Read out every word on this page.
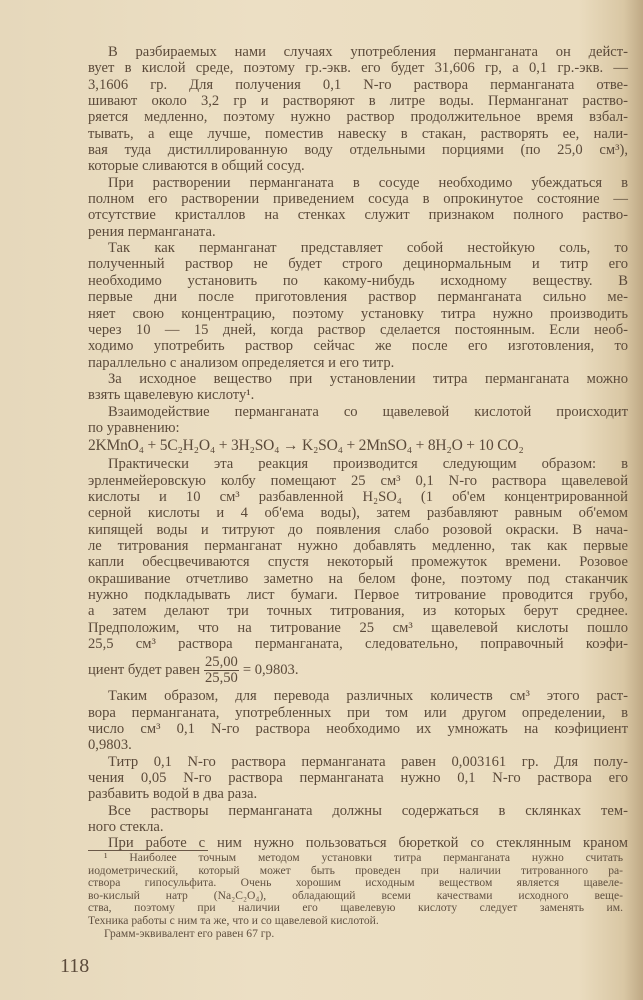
В разбираемых нами случаях употребления перманганата он дейст-
вует в кислой среде, поэтому гр.-экв. его будет 31,606 гр, а 0,1 гр.-экв. —
3,1606 гр. Для получения 0,1 N-го раствора перманганата отве-
шивают около 3,2 гр и растворяют в литре воды. Перманганат раство-
ряется медленно, поэтому нужно раствор продолжительное время взбал-
тывать, а еще лучше, поместив навеску в стакан, растворять ее, нали-
вая туда дистиллированную воду отдельными порциями (по 25,0 см³),
которые сливаются в общий сосуд.
При растворении перманганата в сосуде необходимо убеждаться в
полном его растворении приведением сосуда в опрокинутое состояние —
отсутствие кристаллов на стенках служит признаком полного раство-
рения перманганата.
Так как перманганат представляет собой нестойкую соль, то
полученный раствор не будет строго децинормальным и титр его
необходимо установить по какому-нибудь исходному веществу. В
первые дни после приготовления раствор перманганата сильно ме-
няет свою концентрацию, поэтому установку титра нужно производить
через 10 — 15 дней, когда раствор сделается постоянным. Если необ-
ходимо употребить раствор сейчас же после его изготовления, то
параллельно с анализом определяется и его титр.
За исходное вещество при установлении титра перманганата можно
взять щавелевую кислоту¹.
Взаимодействие перманганата со щавелевой кислотой происходит
по уравнению:
2KMnO₄ + 5C₂H₂O₄ + 3H₂SO₄ → K₂SO₄ + 2MnSO₄ + 8H₂O + 10 CO₂
Практически эта реакция производится следующим образом: в
эрленмейеровскую колбу помещают 25 см³ 0,1 N-го раствора щавелевой
кислоты и 10 см³ разбавленной H₂SO₄ (1 об'ем концентрированной
серной кислоты и 4 об'ема воды), затем разбавляют равным об'емом
кипящей воды и титруют до появления слабо розовой окраски. В нача-
ле титрования перманганат нужно добавлять медленно, так как первые
капли обесцвечиваются спустя некоторый промежуток времени. Розовое
окрашивание отчетливо заметно на белом фоне, поэтому под стаканчик
нужно подкладывать лист бумаги. Первое титрование проводится грубо,
а затем делают три точных титрования, из которых берут среднее.
Предположим, что на титрование 25 см³ щавелевой кислоты пошло
25,5 см³ раствора перманганата, следовательно, поправочный коэфи-
циент будет равен $\frac{25,00}{25,50} = 0,9803$.
Таким образом, для перевода различных количеств см³ этого раст-
вора перманганата, употребленных при том или другом определении, в
число см³ 0,1 N-го раствора необходимо их умножать на коэфициент
0,9803.
Титр 0,1 N-го раствора перманганата равен 0,003161 гр. Для полу-
чения 0,05 N-го раствора перманганата нужно 0,1 N-го раствора его
разбавить водой в два раза.
Все растворы перманганата должны содержаться в склянках тем-
ного стекла.
При работе с ним нужно пользоваться бюреткой со стеклянным краном
¹ Наиболее точным методом установки титра перманганата нужно считать
иодометрический, который может быть проведен при наличии титрованного ра-
створа гипосульфита. Очень хорошим исходным веществом является щавеле-
во-кислый натр (Na₂C₂O₄), обладающий всеми качествами исходного веще-
ства, поэтому при наличии его щавелевую кислоту следует заменять им.
Техника работы с ним та же, что и со щавелевой кислотой.
Грамм-эквивалент его равен 67 гр.
118
